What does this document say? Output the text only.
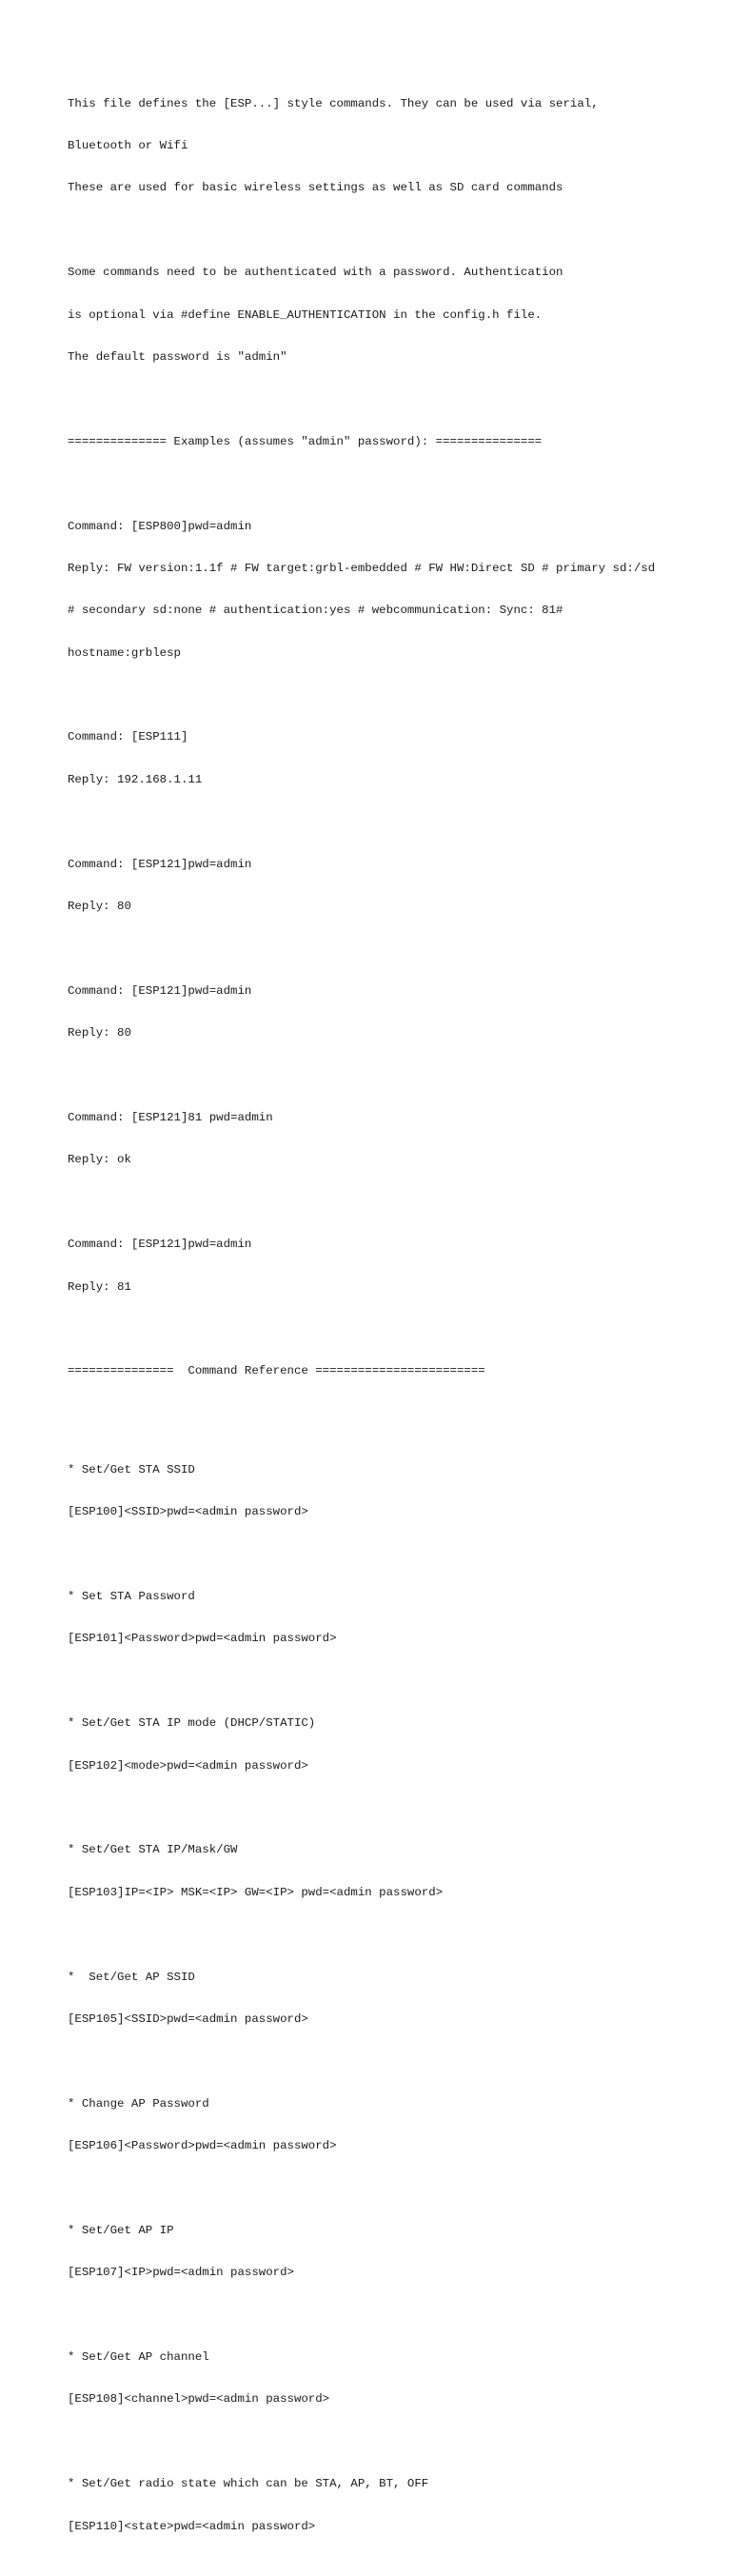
This file defines the [ESP...] style commands. They can be used via serial,

Bluetooth or Wifi

These are used for basic wireless settings as well as SD card commands

Some commands need to be authenticated with a password. Authentication

is optional via #define ENABLE_AUTHENTICATION in the config.h file.

The default password is "admin"

============== Examples (assumes "admin" password): ===============

Command: [ESP800]pwd=admin

Reply: FW version:1.1f # FW target:grbl-embedded # FW HW:Direct SD # primary sd:/sd

# secondary sd:none # authentication:yes # webcommunication: Sync: 81#

hostname:grblesp

Command: [ESP111]

Reply: 192.168.1.11

Command: [ESP121]pwd=admin

Reply: 80

Command: [ESP121]pwd=admin

Reply: 80

Command: [ESP121]81 pwd=admin

Reply: ok

Command: [ESP121]pwd=admin

Reply: 81

===============  Command Reference ========================

* Set/Get STA SSID

[ESP100]<SSID>pwd=<admin password>

* Set STA Password

[ESP101]<Password>pwd=<admin password>

* Set/Get STA IP mode (DHCP/STATIC)

[ESP102]<mode>pwd=<admin password>

* Set/Get STA IP/Mask/GW

[ESP103]IP=<IP> MSK=<IP> GW=<IP> pwd=<admin password>

*  Set/Get AP SSID

[ESP105]<SSID>pwd=<admin password>

* Change AP Password

[ESP106]<Password>pwd=<admin password>

* Set/Get AP IP

[ESP107]<IP>pwd=<admin password>

* Set/Get AP channel

[ESP108]<channel>pwd=<admin password>

* Set/Get radio state which can be STA, AP, BT, OFF

[ESP110]<state>pwd=<admin password>
